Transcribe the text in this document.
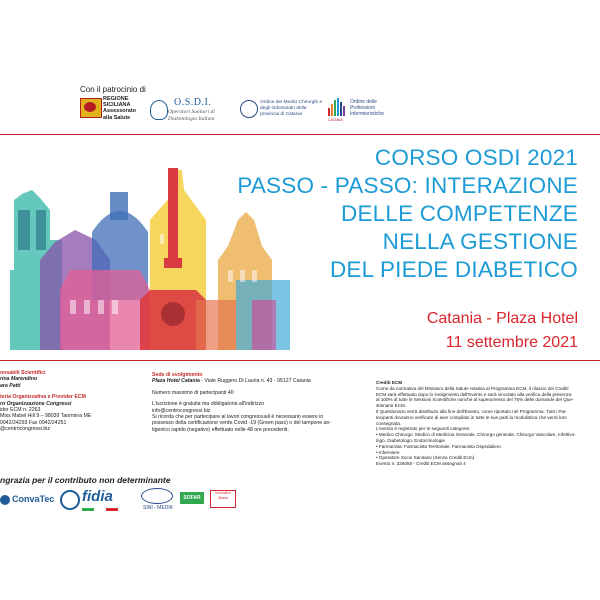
Con il patrocinio di
REGIONE
SICILIANA
Assessorato
alla Salute
O.S.D.I.
Operatori Sanitari di Diabetologia Italiani
Ordine dei Medici Chirurghi e degli Odontoiatri della provincia di Catania
CATANIA
Ordine delle Professioni Infermieristiche
CORSO OSDI 2021
PASSO - PASSO: INTERAZIONE
DELLE COMPETENZE
NELLA GESTIONE
DEL PIEDE DIABETICO
Catania - Plaza Hotel
11 settembre 2021
onsabili Scientifici
rina Marendino
ara Patti
teria Organizzativa e Provider ECM
ro Organizzazione Congressi
ider ECM n. 2263
Miss Mabel Hill 9 – 98039 Taormina ME
0942/24293 Fax 0942/24251
@centrocongressi.biz
Sede di svolgimento
Plaza Hotel Catania - Viale Ruggero Di Lauria n. 43 - 95127 Catania
Numero massimo di partecipanti 40
L'iscrizione è gratuita ma obbligatoria all'indirizzo
info@centrocongressi.biz
Si ricorda che per partecipare ai lavori congressuali è necessario essere in
possesso della certificazione verde Covid -19 (Green pass) o del tampone an-
tigenico rapido (negativo) effettuato nelle 48 ore precedenti.
Crediti ECM
Come da normativa del Ministero della Salute relativa al Programma ECM, il rilascio dei Crediti
ECM sarà effettuato dopo lo svolgimento dell'Evento e sarà vincolato alla verifica della presenza
al 100% di tutte le Sessioni Scientifiche nonché al superamento del 75% delle domande del Que-
stionario ECM.
Il Questionario verrà distribuito alla fine dell'Evento, come riportato nel Programma. Tutti i Par-
tecipanti dovranno verificare di aver compilato in tutte le sue parti la modulistica che verrà loro
consegnata.
L'evento è registrato per le seguenti categorie:
• Medico Chirurgo: Medico di Medicina Generale, Chirurgo generale, Chirurgo Vascolare, Infettivo-
logo, Diabetologo, Endocrinologia
• Farmacista: Farmacista Territoriale, Farmacista Ospedaliero
• Infermiere
• Operatore Socio Sanitario (Senza Crediti Ecm)
Evento n. 326058 - Crediti ECM assegnati 4
ngrazia per il contributo non determinante
ConvaTec fidia
SINI - MEDIK
SOFAR
Innovative Brand
